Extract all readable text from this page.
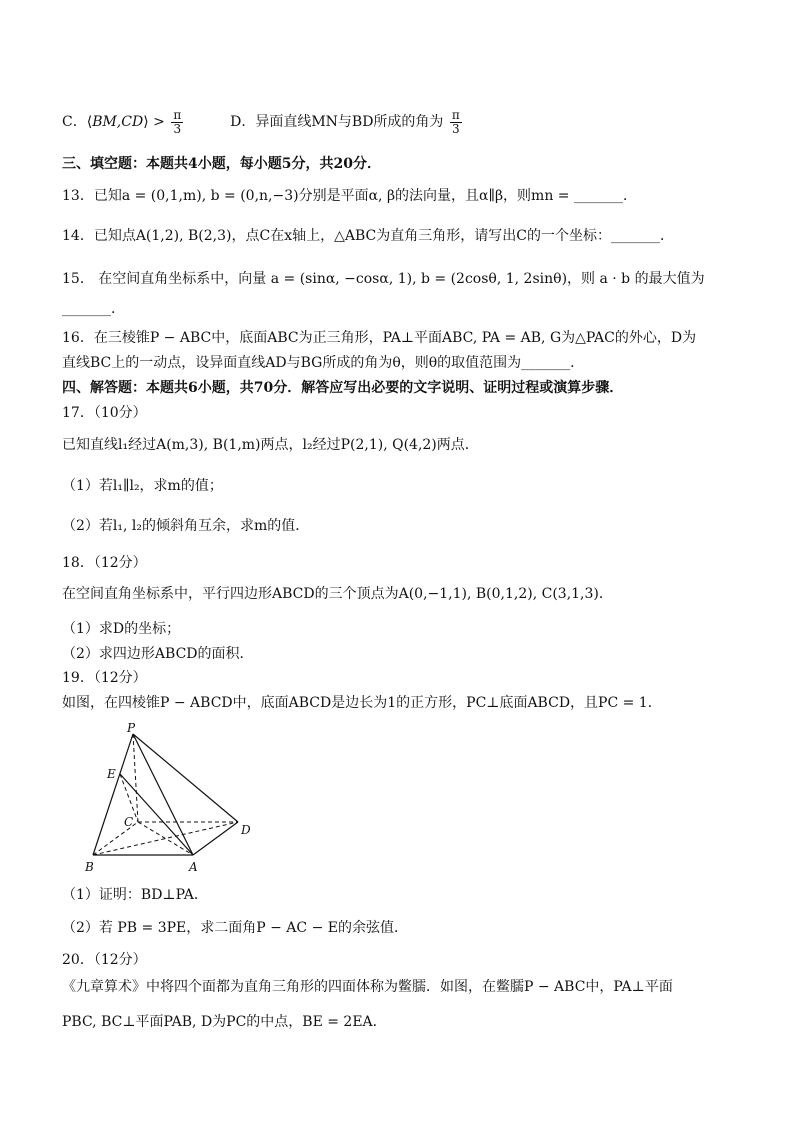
C．⟨BM,CD⟩ > $\frac{\pi}{3}$	D．异面直线MN与BD所成的角为 $\frac{\pi}{3}$
三、填空题：本题共4小题，每小题5分，共20分．
13．已知a = (0,1,m), b = (0,n,−3)分别是平面α, β的法向量，且α∥β，则mn = _______．
14．已知点A(1,2), B(2,3)，点C在x轴上，△ABC为直角三角形，请写出C的一个坐标：_______．
15． 在空间直角坐标系中，向量 a = (sinα, −cosα, 1), b = (2cosθ, 1, 2sinθ)，则 a · b 的最大值为
_______．
16．在三棱锥P − ABC中，底面ABC为正三角形，PA⊥平面ABC, PA = AB, G为△PAC的外心，D为
直线BC上的一动点，设异面直线AD与BG所成的角为θ，则θ的取值范围为_______．
四、解答题：本题共6小题，共70分．解答应写出必要的文字说明、证明过程或演算步骤．
17．（10分）
已知直线l₁经过A(m,3), B(1,m)两点，l₂经过P(2,1), Q(4,2)两点．
（1）若l₁∥l₂，求m的值；
（2）若l₁, l₂的倾斜角互余，求m的值．
18．（12分）
在空间直角坐标系中，平行四边形ABCD的三个顶点为A(0,−1,1), B(0,1,2), C(3,1,3)．
（1）求D的坐标；
（2）求四边形ABCD的面积．
19．（12分）
如图，在四棱锥P − ABCD中，底面ABCD是边长为1的正方形，PC⊥底面ABCD，且PC = 1．
P
E
C
D
B	A
（1）证明：BD⊥PA．
（2）若 PB = 3PE，求二面角P − AC − E的余弦值．
20．（12分）
《九章算术》中将四个面都为直角三角形的四面体称为鳖臑．如图，在鳖臑P − ABC中，PA⊥平面
PBC, BC⊥平面PAB, D为PC的中点，BE = 2EA．
